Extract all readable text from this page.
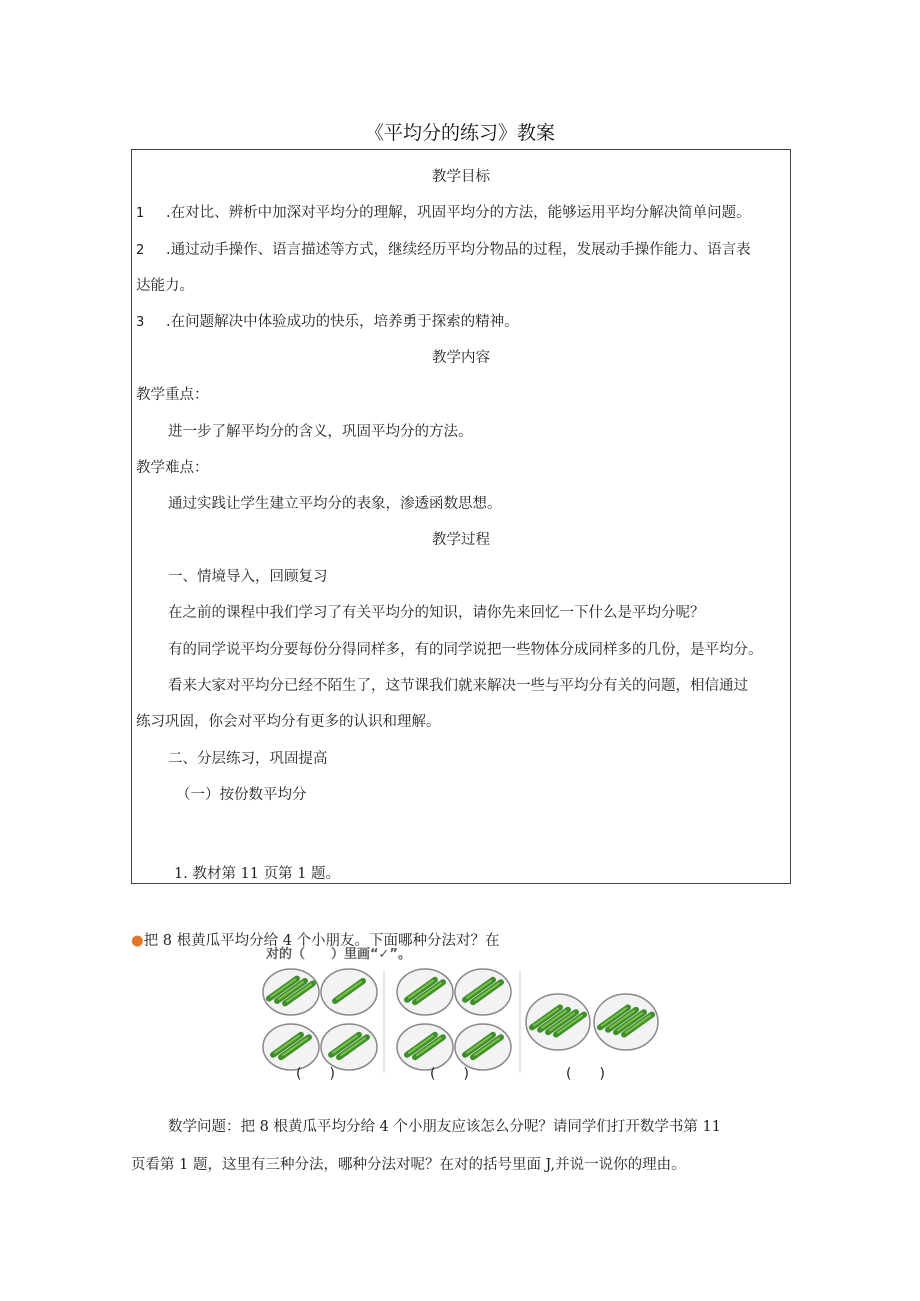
《平均分的练习》教案
教学目标
1 .在对比、辨析中加深对平均分的理解，巩固平均分的方法，能够运用平均分解决简单问题。
2 .通过动手操作、语言描述等方式，继续经历平均分物品的过程，发展动手操作能力、语言表
达能力。
3 .在问题解决中体验成功的快乐，培养勇于探索的精神。
教学内容
教学重点：
进一步了解平均分的含义，巩固平均分的方法。
教学难点：
通过实践让学生建立平均分的表象，渗透函数思想。
教学过程
一、情境导入，回顾复习
在之前的课程中我们学习了有关平均分的知识，请你先来回忆一下什么是平均分呢？
有的同学说平均分要每份分得同样多，有的同学说把一些物体分成同样多的几份，是平均分。
看来大家对平均分已经不陌生了，这节课我们就来解决一些与平均分有关的问题，相信通过
练习巩固，你会对平均分有更多的认识和理解。
二、分层练习，巩固提高
（一）按份数平均分
1. 教材第 11 页第 1 题。
●把 8 根黄瓜平均分给 4 个小朋友。下面哪种分法对？在
对的（　　）里画“✓”。
(　　)	(　　)	(　　)
数学问题：把 8 根黄瓜平均分给 4 个小朋友应该怎么分呢？请同学们打开数学书第 11
页看第 1 题，这里有三种分法，哪种分法对呢？在对的括号里面 J,并说一说你的理由。
